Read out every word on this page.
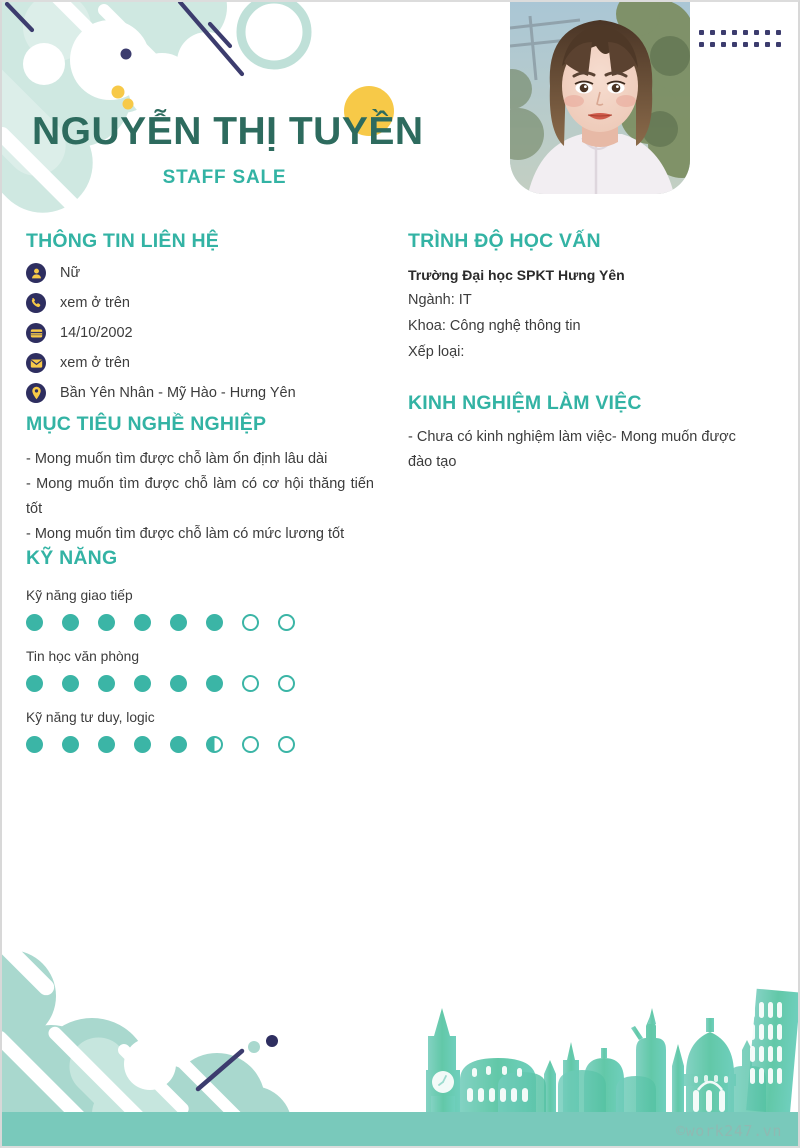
NGUYỄN THỊ TUYỀN
STAFF SALE
THÔNG TIN LIÊN HỆ
Nữ
xem ở trên
14/10/2002
xem ở trên
Bần Yên Nhân - Mỹ Hào - Hưng Yên
MỤC TIÊU NGHỀ NGHIỆP

- Mong muốn tìm được chỗ làm ổn định lâu dài
- Mong muốn tìm được chỗ làm có cơ hội thăng tiến tốt
- Mong muốn tìm được chỗ làm có mức lương tốt

KỸ NĂNG
Kỹ năng giao tiếp
Tin học văn phòng
Kỹ năng tư duy, logic
TRÌNH ĐỘ HỌC VẤN
Trường Đại học SPKT Hưng Yên
Ngành: IT
Khoa: Công nghệ thông tin
Xếp loại:
KINH NGHIỆM LÀM VIỆC
- Chưa có kinh nghiệm làm việc- Mong muốn được đào tạo
©work247.vn
